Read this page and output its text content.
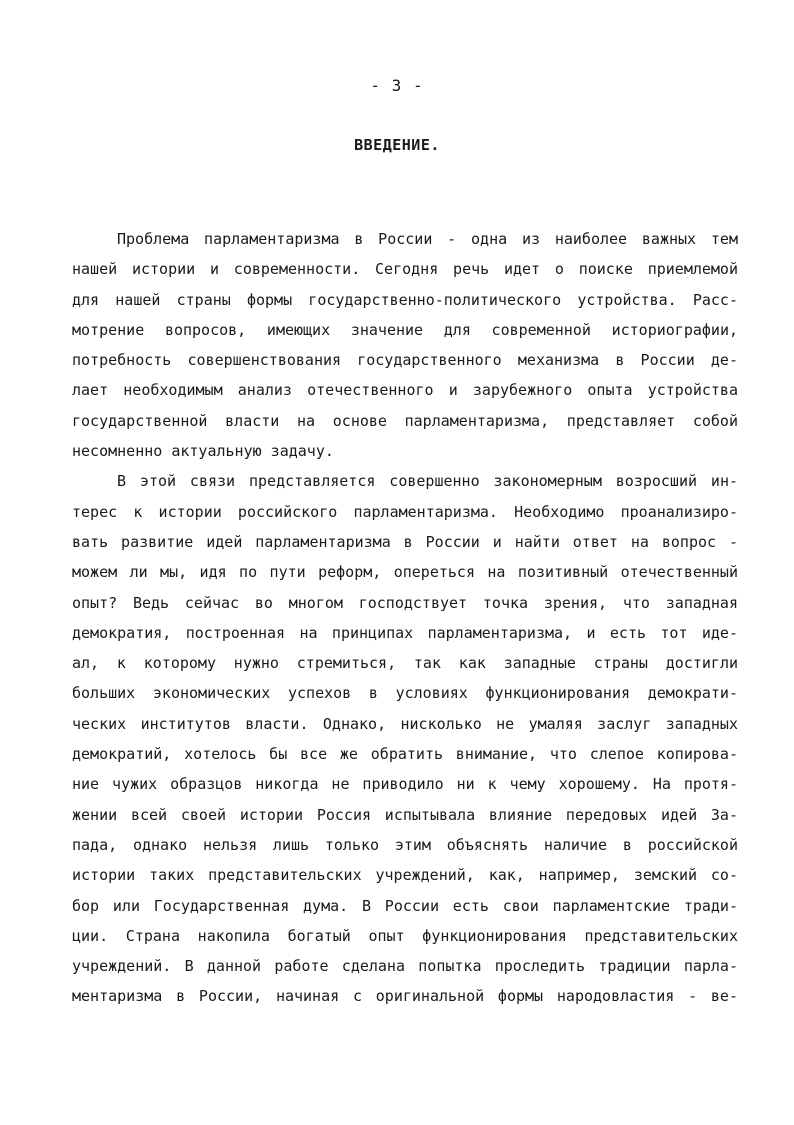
- 3 -
ВВЕДЕНИЕ.
Проблема парламентаризма в России - одна из наиболее важных тем
нашей истории и современности. Сегодня речь идет о поиске приемлемой
для нашей страны формы государственно-политического устройства. Расс-
мотрение вопросов, имеющих значение для современной историографии,
потребность совершенствования государственного механизма в России де-
лает необходимым анализ отечественного и зарубежного опыта устройства
государственной власти на основе парламентаризма, представляет собой
несомненно актуальную задачу.
В этой связи представляется совершенно закономерным возросший ин-
терес к истории российского парламентаризма. Необходимо проанализиро-
вать развитие идей парламентаризма в России и найти ответ на вопрос -
можем ли мы, идя по пути реформ, опереться на позитивный отечественный
опыт? Ведь сейчас во многом господствует точка зрения, что западная
демократия, построенная на принципах парламентаризма, и есть тот иде-
ал, к которому нужно стремиться, так как западные страны достигли
больших экономических успехов в условиях функционирования демократи-
ческих институтов власти. Однако, нисколько не умаляя заслуг западных
демократий, хотелось бы все же обратить внимание, что слепое копирова-
ние чужих образцов никогда не приводило ни к чему хорошему. На протя-
жении всей своей истории Россия испытывала влияние передовых идей За-
пада, однако нельзя лишь только этим объяснять наличие в российской
истории таких представительских учреждений, как, например, земский со-
бор или Государственная дума. В России есть свои парламентские тради-
ции. Страна накопила богатый опыт функционирования представительских
учреждений. В данной работе сделана попытка проследить традиции парла-
ментаризма в России, начиная с оригинальной формы народовластия - ве-
